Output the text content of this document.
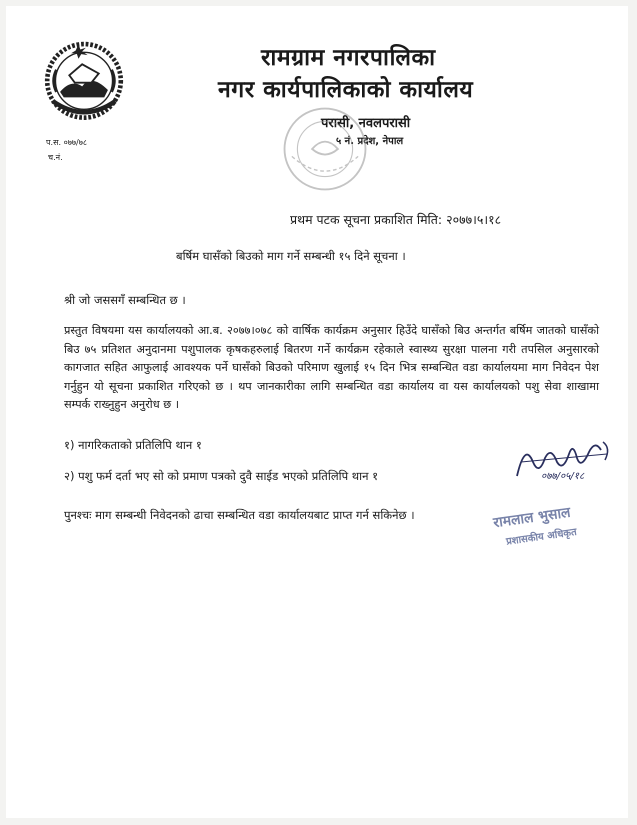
रामग्राम नगरपालिका
नगर कार्यपालिकाको कार्यालय
परासी, नवलपरासी
५ नं. प्रदेश, नेपाल
प.स. ०७७/७८
च.नं.
प्रथम पटक सूचना प्रकाशित मिति: २०७७।५।१८
बर्षिम घासँको बिउको माग गर्ने सम्बन्धी १५ दिने सूचना ।
श्री जो जससगँ सम्बन्धित छ ।
प्रस्तुत विषयमा यस कार्यालयको आ.ब. २०७७।०७८ को वार्षिक कार्यक्रम अनुसार हिउँदे घासँको बिउ अन्तर्गत बर्षिम जातको घासँको बिउ ७५ प्रतिशत अनुदानमा पशुपालक कृषकहरुलाई बितरण गर्ने कार्यक्रम रहेकाले स्वास्थ्य सुरक्षा पालना गरी तपसिल अनुसारको कागजात सहित आफुलाई आवश्यक पर्ने घासँको बिउको परिमाण खुलाई १५ दिन भित्र सम्बन्धित वडा कार्यालयमा माग निवेदन पेश गर्नुहुन यो सूचना प्रकाशित गरिएको छ । थप जानकारीका लागि सम्बन्धित वडा कार्यालय वा यस कार्यालयको पशु सेवा शाखामा सम्पर्क राख्नुहुन अनुरोध छ ।
१) नागरिकताको प्रतिलिपि थान १
२) पशु फर्म दर्ता भए सो को प्रमाण पत्रको दुवै साईड भएको प्रतिलिपि थान १
पुनश्चः माग सम्बन्धी निवेदनको ढाचा सम्बन्धित वडा कार्यालयबाट प्राप्त गर्न सकिनेछ ।
०७७/०५/१८
रामलाल भुसाल
प्रशासकीय अधिकृत
